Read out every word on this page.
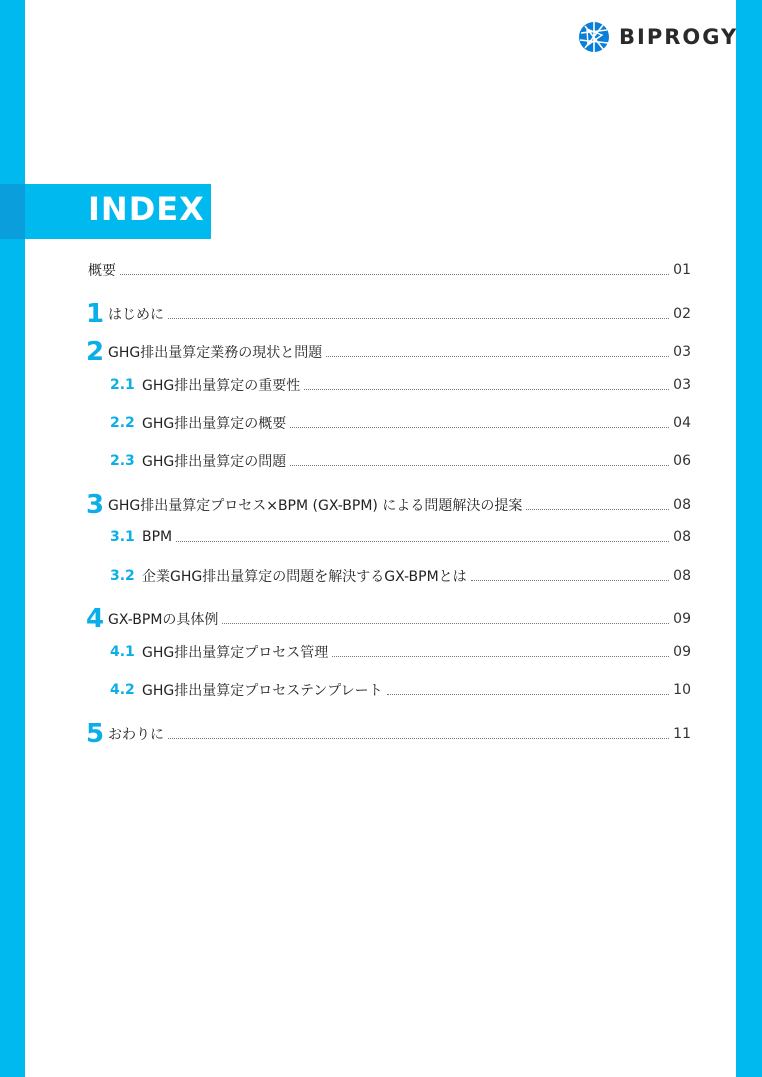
BIPROGY
INDEX
概要	01
1 はじめに	02
2 GHG排出量算定業務の現状と問題	03
2.1 GHG排出量算定の重要性	03
2.2 GHG排出量算定の概要	04
2.3 GHG排出量算定の問題	06
3 GHG排出量算定プロセス×BPM (GX-BPM) による問題解決の提案	08
3.1 BPM	08
3.2 企業GHG排出量算定の問題を解決するGX-BPMとは	08
4 GX-BPMの具体例	09
4.1 GHG排出量算定プロセス管理	09
4.2 GHG排出量算定プロセステンプレート	10
5 おわりに	11
